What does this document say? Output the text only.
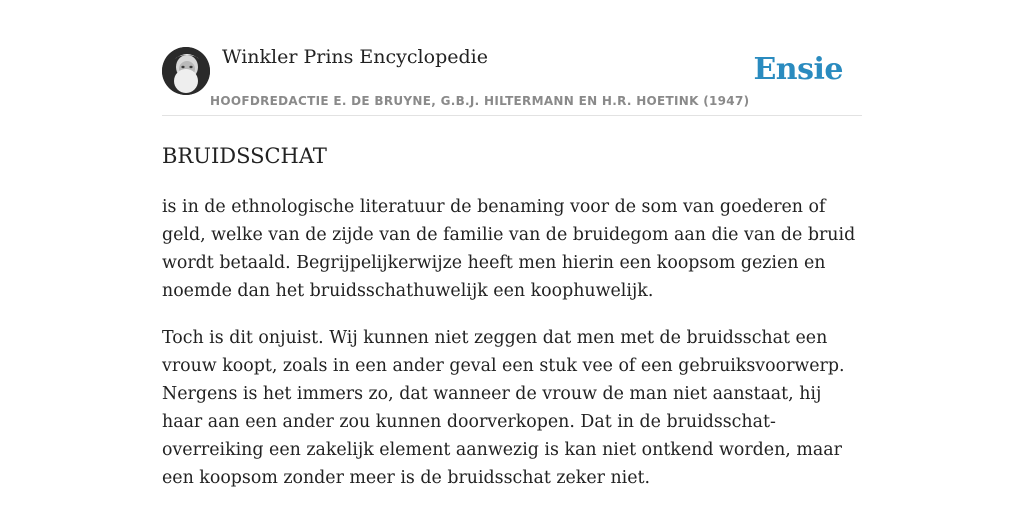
Winkler Prins Encyclopedie
HOOFDREDACTIE E. DE BRUYNE, G.B.J. HILTERMANN EN H.R. HOETINK (1947)
Ensie
BRUIDSSCHAT

is in de ethnologische literatuur de benaming voor de som van goederen of geld, welke van de zijde van de familie van de bruidegom aan die van de bruid wordt betaald. Begrijpelijkerwijze heeft men hierin een koopsom gezien en noemde dan het bruidsschathuwelijk een koophuwelijk.

Toch is dit onjuist. Wij kunnen niet zeggen dat men met de bruidsschat een vrouw koopt, zoals in een ander geval een stuk vee of een gebruiksvoorwerp. Nergens is het immers zo, dat wanneer de vrouw de man niet aanstaat, hij haar aan een ander zou kunnen doorverkopen. Dat in de bruidsschat-overreiking een zakelijk element aanwezig is kan niet ontkend worden, maar een koopsom zonder meer is de bruidsschat zeker niet.
